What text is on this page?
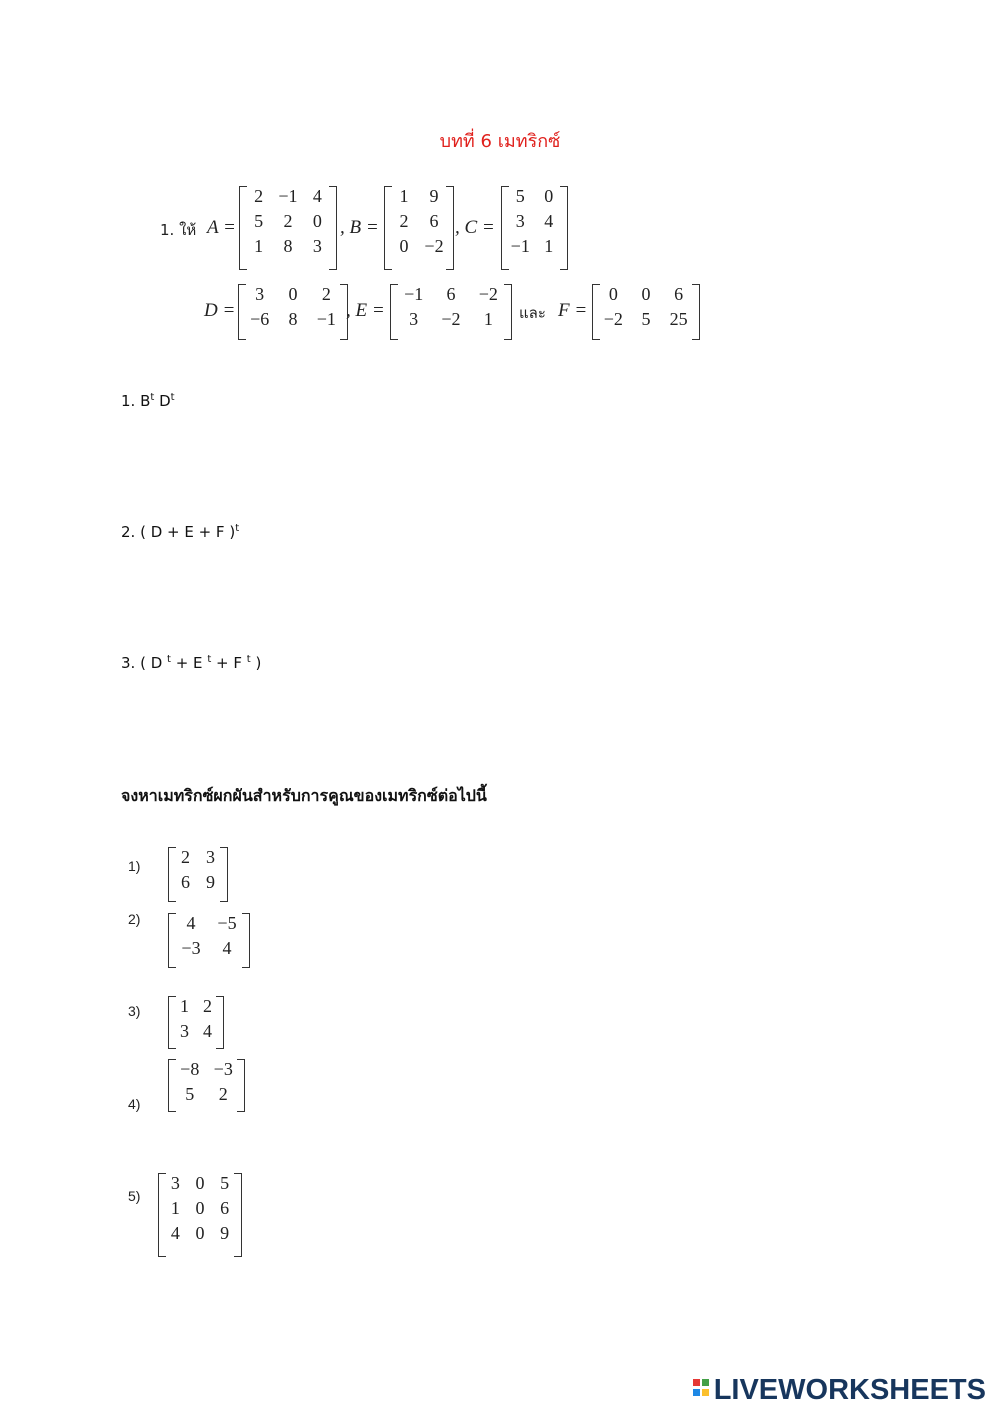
บทที่ 6 เมทริกซ์
1. ให้ A =
2 −1 4
5	2	0
1	8	3
, B =
1	9
2	6
0 −2
, C =
5	0
3	4
−1 1
D =
3	0	2
−6	8	−1 , E =
−1	6	−2
3	−2	1	และ F =
0	0	6
−2	5	25
1. $B^t$ $D^t$
2. ( D + E + F )$^t$
3. ( D $^t$ + E $^t$ + F $^t$ )
จงหาเมทริกซ์ผกผันสำหรับการคูณของเมทริกซ์ต่อไปนี้
1)	2 3
6 9
2)	4	−5
−3	4
3)	1 2
3 4
4)
−8 −3
5	2
5)
3 0 5
1 0 6
4 0 9
LIVEWORKSHEETS
